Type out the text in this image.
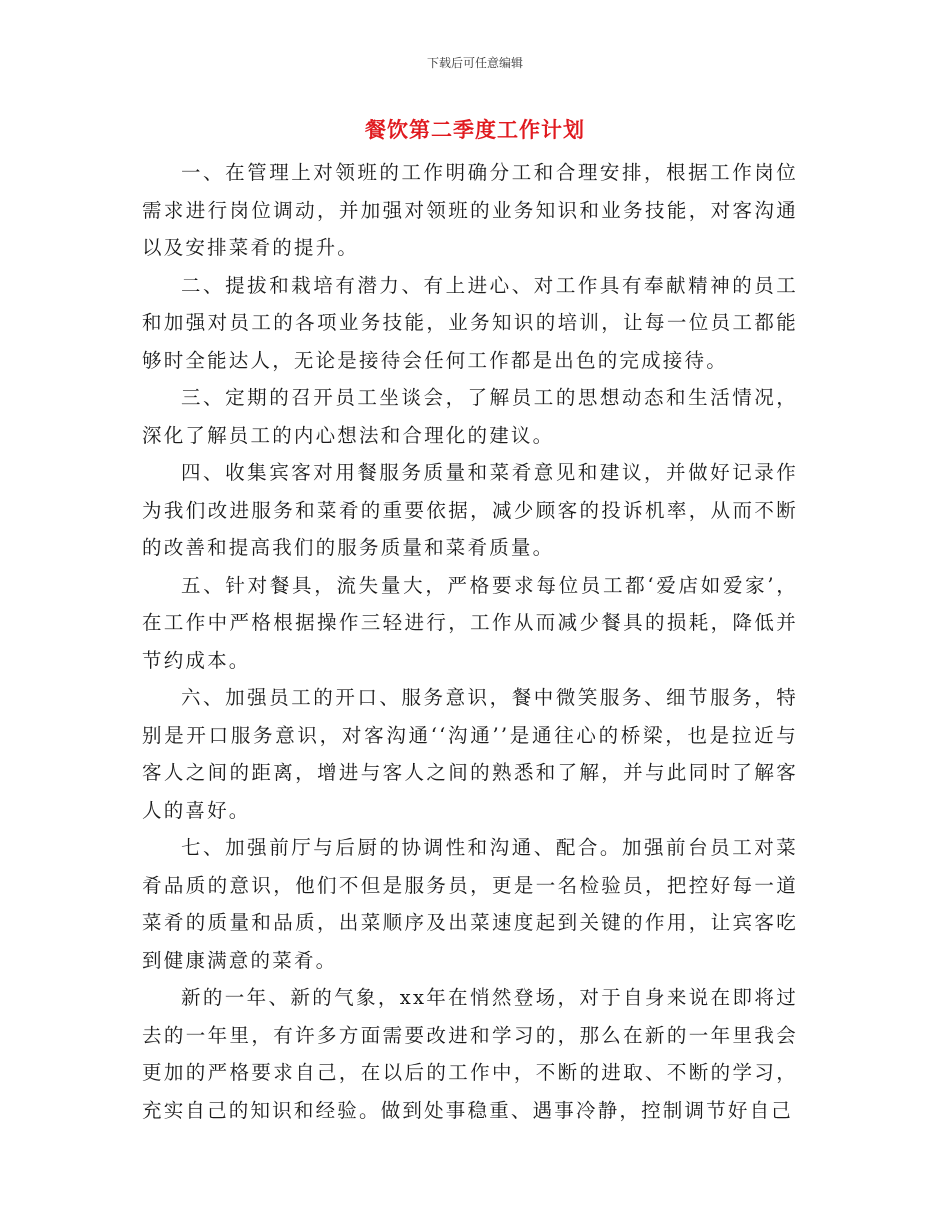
下载后可任意编辑
餐饮第二季度工作计划

一、在管理上对领班的工作明确分工和合理安排，根据工作岗位需求进行岗位调动，并加强对领班的业务知识和业务技能，对客沟通以及安排菜肴的提升。

二、提拔和栽培有潜力、有上进心、对工作具有奉献精神的员工和加强对员工的各项业务技能，业务知识的培训，让每一位员工都能够时全能达人，无论是接待会任何工作都是出色的完成接待。

三、定期的召开员工坐谈会，了解员工的思想动态和生活情况，深化了解员工的内心想法和合理化的建议。

四、收集宾客对用餐服务质量和菜肴意见和建议，并做好记录作为我们改进服务和菜肴的重要依据，减少顾客的投诉机率，从而不断的改善和提高我们的服务质量和菜肴质量。

五、针对餐具，流失量大，严格要求每位员工都‘爱店如爱家’，在工作中严格根据操作三轻进行，工作从而减少餐具的损耗，降低并节约成本。

六、加强员工的开口、服务意识，餐中微笑服务、细节服务，特别是开口服务意识，对客沟通‘‘沟通’’是通往心的桥梁，也是拉近与客人之间的距离，增进与客人之间的熟悉和了解，并与此同时了解客人的喜好。

七、加强前厅与后厨的协调性和沟通、配合。加强前台员工对菜肴品质的意识，他们不但是服务员，更是一名检验员，把控好每一道菜肴的质量和品质，出菜顺序及出菜速度起到关键的作用，让宾客吃到健康满意的菜肴。

新的一年、新的气象，xx年在悄然登场，对于自身来说在即将过去的一年里，有许多方面需要改进和学习的，那么在新的一年里我会更加的严格要求自己，在以后的工作中，不断的进取、不断的学习，充实自己的知识和经验。做到处事稳重、遇事冷静，控制调节好自己
